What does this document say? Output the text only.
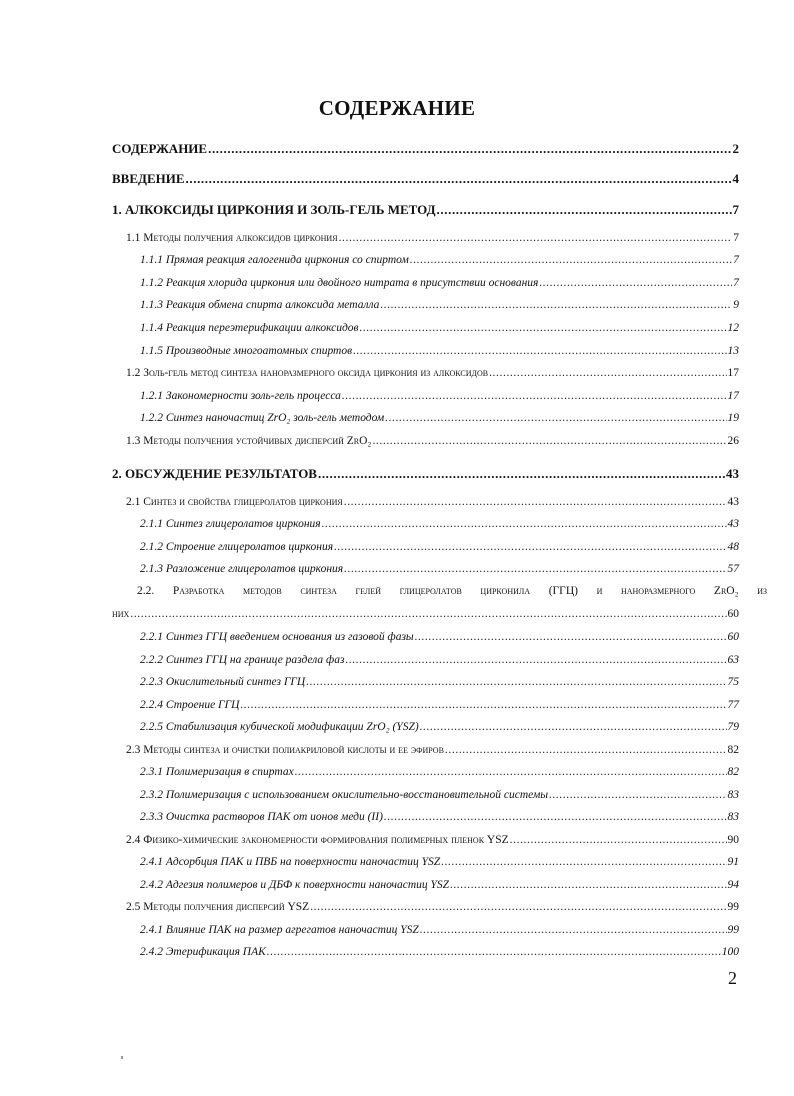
СОДЕРЖАНИЕ
СОДЕРЖАНИЕ .....	2
ВВЕДЕНИЕ .....	4
1. АЛКОКСИДЫ ЦИРКОНИЯ И ЗОЛЬ-ГЕЛЬ МЕТОД .....	7
1.1 Методы получения алкоксидов циркония .....	7
1.1.1 Прямая реакция галогенида циркония со спиртом .....	7
1.1.2 Реакция хлорида циркония или двойного нитрата в присутствии основания .....	7
1.1.3 Реакция обмена спирта алкоксида металла .....	9
1.1.4 Реакция переэтерификации алкоксидов .....	12
1.1.5 Производные многоатомных спиртов .....	13
1.2 Золь-гель метод синтеза наноразмерного оксида циркония из алкоксидов .....	17
1.2.1 Закономерности золь-гель процесса .....	17
1.2.2 Синтез наночастиц ZrO₂ золь-гель методом .....	19
1.3 Методы получения устойчивых дисперсий ZrO₂ .....	26
2. ОБСУЖДЕНИЕ РЕЗУЛЬТАТОВ .....	43
2.1 Синтез и свойства глицеролатов циркония .....	43
2.1.1 Синтез глицеролатов циркония .....	43
2.1.2 Строение глицеролатов циркония .....	48
2.1.3 Разложение глицеролатов циркония .....	57
2.2. Разработка методов синтеза гелей глицеролатов цирконила (ГГЦ) и наноразмерного ZrO₂ из
них .....	60
2.2.1 Синтез ГГЦ введением основания из газовой фазы .....	60
2.2.2 Синтез ГГЦ на границе раздела фаз .....	63
2.2.3 Окислительный синтез ГГЦ .....	75
2.2.4 Строение ГГЦ .....	77
2.2.5 Стабилизация кубической модификации ZrO₂ (YSZ) .....	79
2.3 Методы синтеза и очистки полиакриловой кислоты и ее эфиров .....	82
2.3.1 Полимеризация в спиртах .....	82
2.3.2 Полимеризация с использованием окислительно-восстановительной системы .....	83
2.3.3 Очистка растворов ПАК от ионов меди (II) .....	83
2.4 Физико-химические закономерности формирования полимерных пленок YSZ .....	90
2.4.1 Адсорбция ПАК и ПВБ на поверхности наночастиц YSZ .....	91
2.4.2 Адгезия полимеров и ДБФ к поверхности наночастиц YSZ .....	94
2.5 Методы получения дисперсий YSZ .....	99
2.4.1 Влияние ПАК на размер агрегатов наночастиц YSZ .....	99
2.4.2 Этерификация ПАК .....	100
2
